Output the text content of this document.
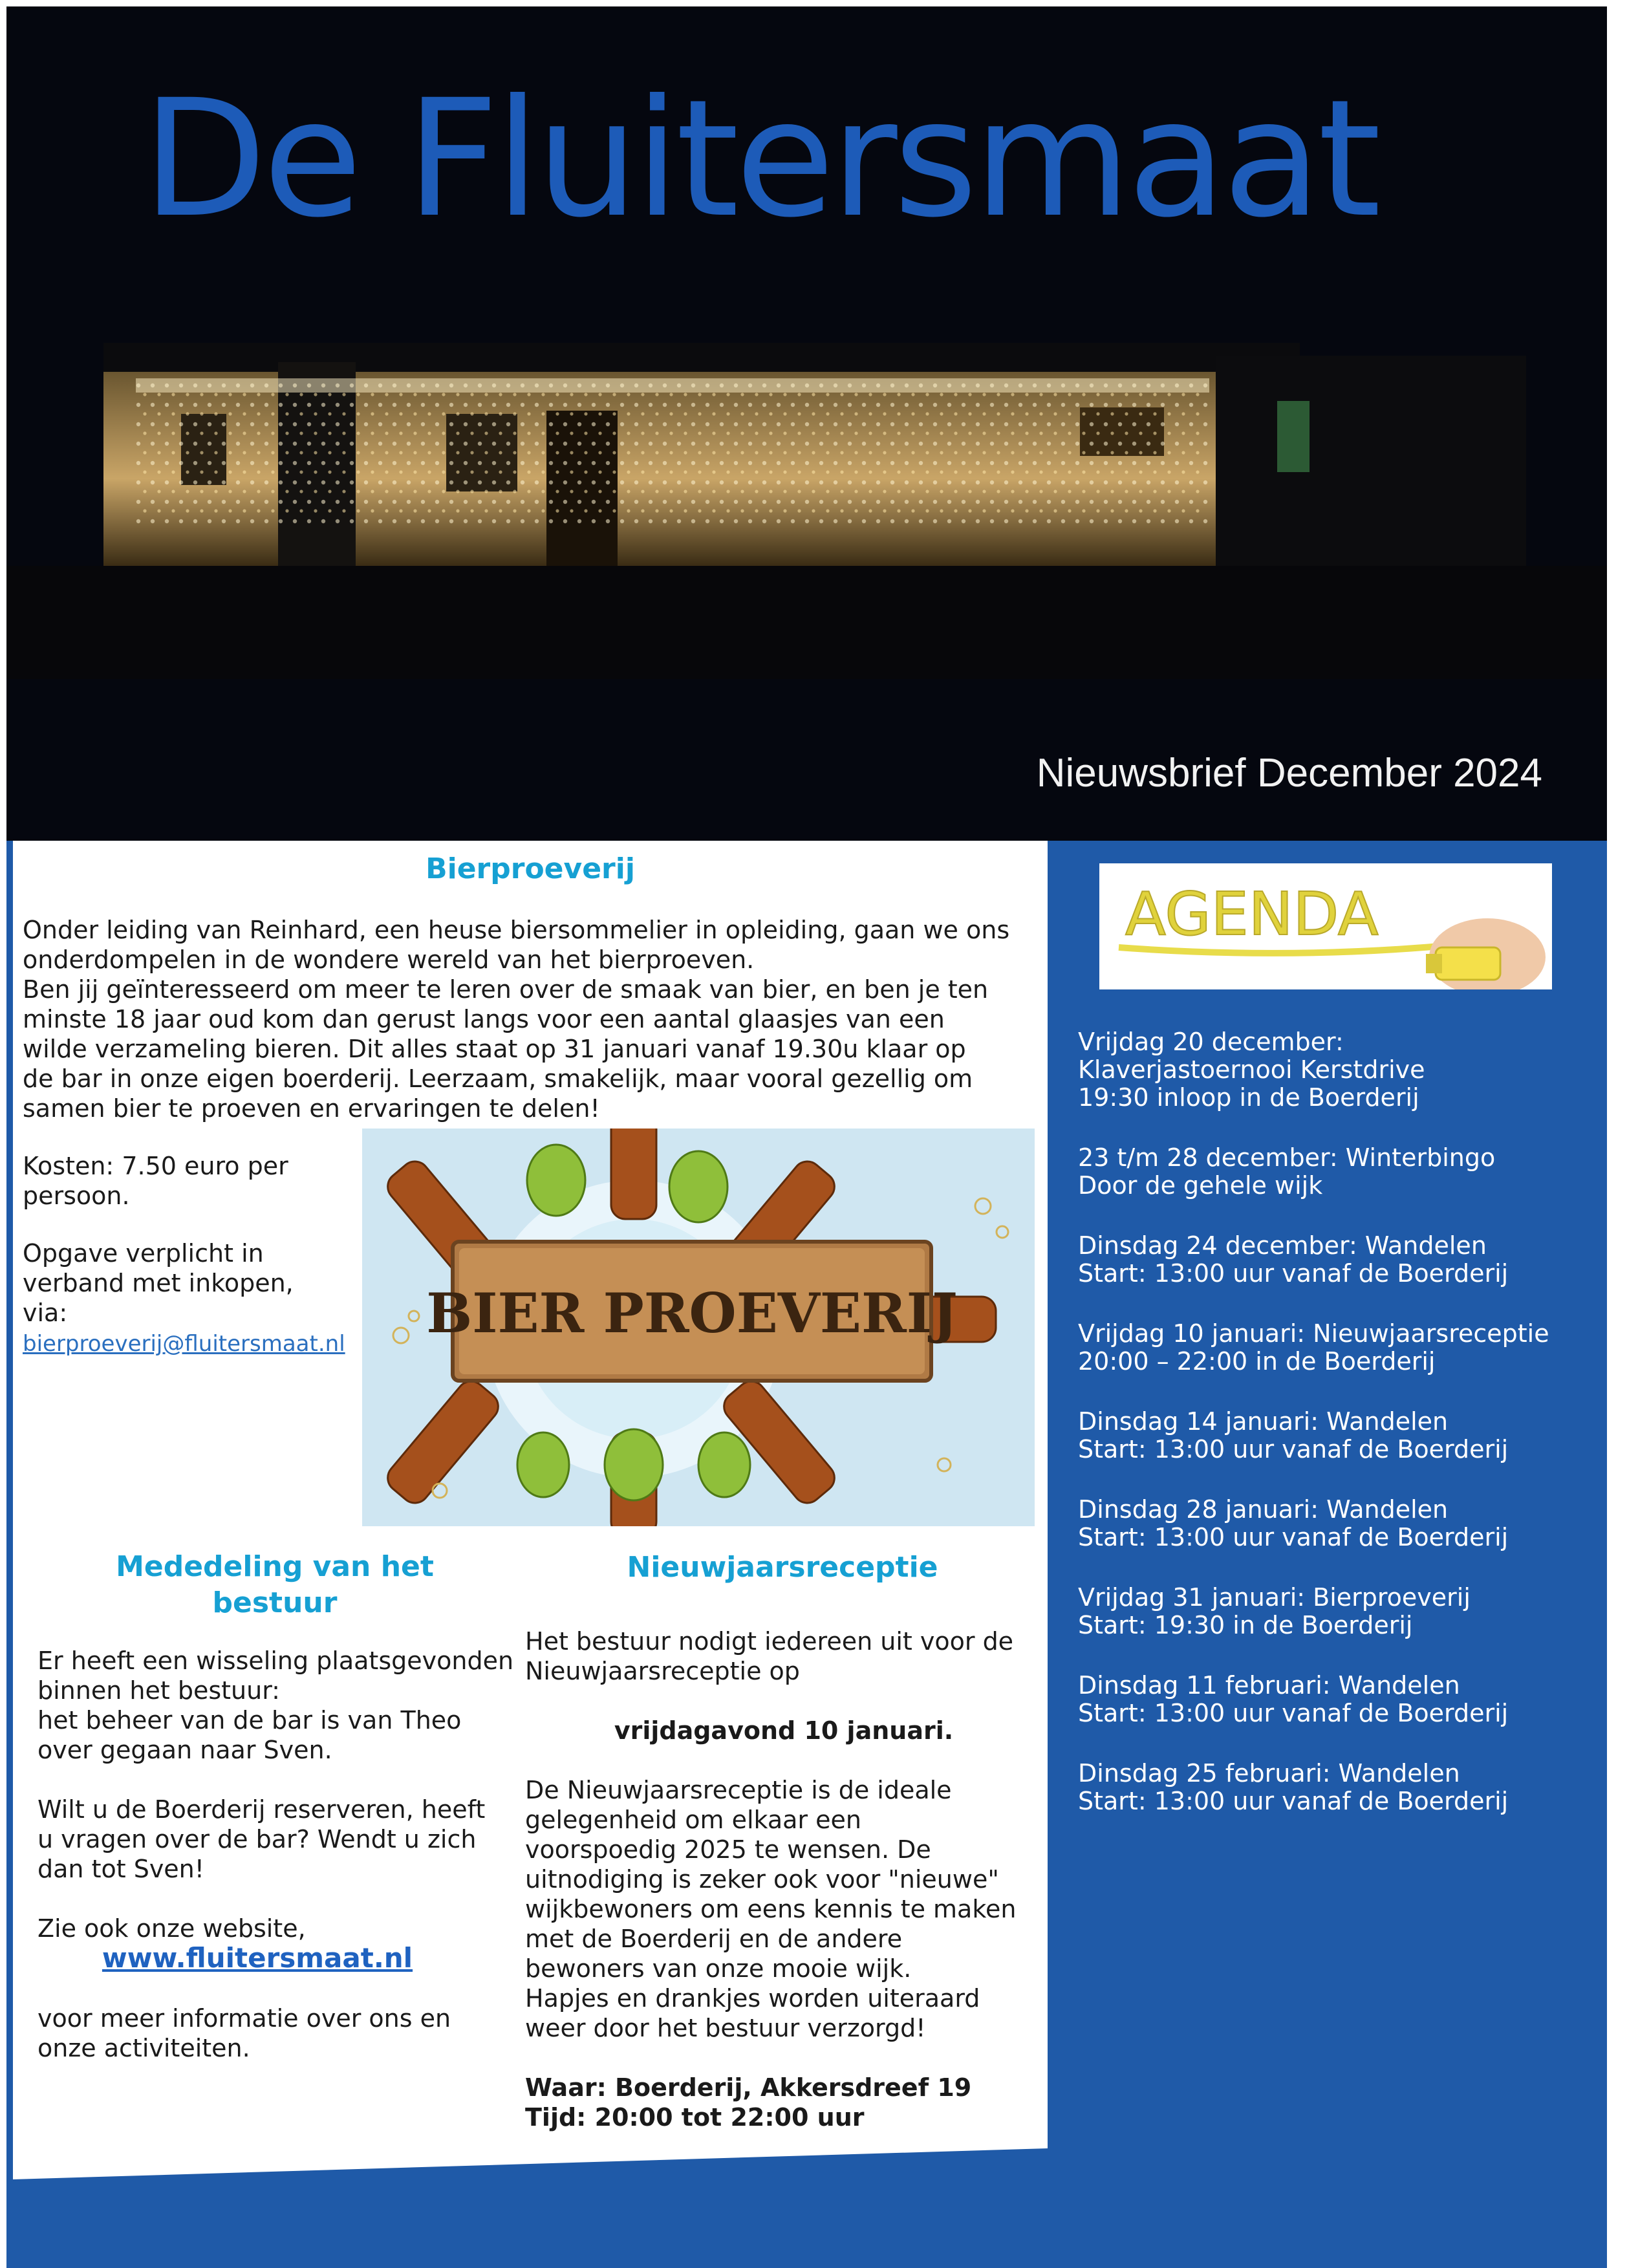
De Fluitersmaat
Nieuwsbrief December 2024
Bierproeverij

Onder leiding van Reinhard, een heuse biersommelier in opleiding, gaan we ons

onderdompelen in de wondere wereld van het bierproeven.

Ben jij geïnteresseerd om meer te leren over de smaak van bier, en ben je ten

minste 18 jaar oud kom dan gerust langs voor een aantal glaasjes van een

wilde verzameling bieren. Dit alles staat op 31 januari vanaf 19.30u klaar op

de bar in onze eigen boerderij. Leerzaam, smakelijk, maar vooral gezellig om

samen bier te proeven en ervaringen te delen!

Kosten: 7.50 euro per

persoon.

Opgave verplicht in

verband met inkopen,

via:

bierproeverij@fluitersmaat.nl BIER PROEVERIJ
Mededeling van het
bestuur

Er heeft een wisseling plaatsgevonden

binnen het bestuur:

het beheer van de bar is van Theo

over gegaan naar Sven.

Wilt u de Boerderij reserveren, heeft

u vragen over de bar? Wendt u zich

dan tot Sven!

Zie ook onze website,

www.fluitersmaat.nl

voor meer informatie over ons en

onze activiteiten.

Nieuwjaarsreceptie

Het bestuur nodigt iedereen uit voor de

Nieuwjaarsreceptie op

vrijdagavond 10 januari.

De Nieuwjaarsreceptie is de ideale

gelegenheid om elkaar een

voorspoedig 2025 te wensen. De

uitnodiging is zeker ook voor "nieuwe"

wijkbewoners om eens kennis te maken

met de Boerderij en de andere

bewoners van onze mooie wijk.

Hapjes en drankjes worden uiteraard

weer door het bestuur verzorgd!

Waar: Boerderij, Akkersdreef 19

Tijd: 20:00 tot 22:00 uur

AGENDA
Vrijdag 20 december:
Klaverjastoernooi Kerstdrive
19:30 inloop in de Boerderij
23 t/m 28 december: Winterbingo
Door de gehele wijk
Dinsdag 24 december: Wandelen
Start: 13:00 uur vanaf de Boerderij
Vrijdag 10 januari: Nieuwjaarsreceptie
20:00 – 22:00 in de Boerderij
Dinsdag 14 januari: Wandelen
Start: 13:00 uur vanaf de Boerderij
Dinsdag 28 januari: Wandelen
Start: 13:00 uur vanaf de Boerderij
Vrijdag 31 januari: Bierproeverij
Start: 19:30 in de Boerderij
Dinsdag 11 februari: Wandelen
Start: 13:00 uur vanaf de Boerderij
Dinsdag 25 februari: Wandelen
Start: 13:00 uur vanaf de Boerderij
